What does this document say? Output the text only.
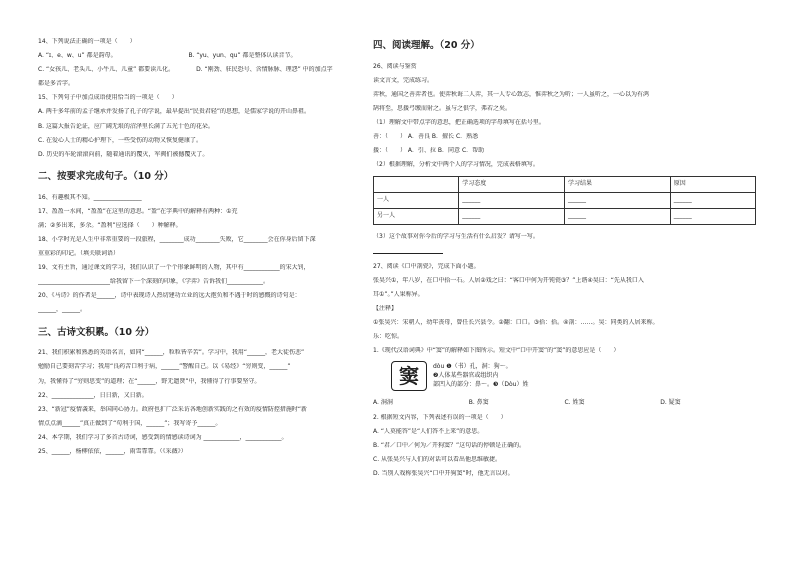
14、下列说法正确的一项是（　　）
A. “ɪ、e、w、u” 都是韵母。	B. “yu、yun、qu” 都是整体认读音节。
C. “女孩儿、老头儿、小牛儿、儿童” 都要读儿化。	D. “刚劲、驻民恐号、含情脉脉、理怨” 中的加点字
都是多音字。
15、下列句子中加点成语使用恰当的一项是（　　）
A. 两千多年前的孟子继承并发扬了孔子的学说，最早提出“民贵君轻”的思想，是儒家学说的开山鼻祖。
B. 这篇大报告论证，应广阔无垠的沼泽里长满了五光十色的花朵。
C. 在爱心人士的精心护理下，一些受伤的动物又恢复健康了。
D. 历史的车轮滚滚向前，随着通讯的覆灭，军阀们被撼覆灭了。
二、按要求完成句子。（10 分）
16、有趣极其不知。________________
17、盈盈一水间，“盈盈”在这里的意思。“盈”在字典中的解释有两种：①充
满；②多出来，多余。“盈利”应选择（　　）种解释。
18、小学时光是人生中非常重要的一段旅程，________成功________失败，它________会在你身后留下深
重重彩的印记。（填关联词语）
19、文有主旨，通过课文的学习，我们认识了一个个形象鲜明的人物，其中有____________的宋大钊，
________________________给我留下一个深刻的印象，《学弈》告诉我们____________。
20、《马诗》的作者是______，诗中表现诗人热切建功立业的远大抱负和不遇于时的感慨的诗句是：
______，______。
三、古诗文积累。（10 分）
21、我们积累和熟悉的英语名言，如同“______，粒粒皆辛苦”。学习中，我用“______，老大徒伤悲”
勉励自己要刻苦学习；我用“良药苦口利于病，______”警醒自己。以《易经》“穷则变，______”
为，我懂得了“穷则思变”的道理；在“______，野无遗贤”中，我懂得了行事要坚守。
22、______________，日日新，又日新。
23、“新冠”疫情袭来，举国同心协力。政府也扩广泛采访各地创新实践的之有效的疫情防控措施时“新
情点点滴______”真正做到了“苟利于国，______”；我写寄予______。
24、本学期，我们学习了多首古诗词，感受到的情感读诗词为 ____________，____________。
25、______，杨柳依依，______，雨雪霏霏。（《采薇》）
四、阅读理解。（20 分）
26、阅读与鉴赏
读文言文，完成练习。
弈秋，通国之善弈者也。使弈秋诲二人弈，其一人专心致志，惟弈秋之为听；一人虽听之，一心以为有鸿
鹄将至，思援弓缴而射之。虽与之俱学，弗若之矣。
（1）理解文中带点字的意思，把正确选项的字母填写在括号里。
善：（　　） A．善良 B．擅长 C．熟悉
援：（　　） A．引、拉 B．同意 C．帮助
（2）根据理解，分析文中两个人的学习情况，完成表格填写。
	学习态度	学习结果	原因
一人	______	______	______
另一人	______	______	______
（3）这个故事对你今后的学习与生活有什么启发？请写一写。
27、阅读《口中剖瓷》，完成下面小题。
张昊兴①，年八岁，在口中拾一石。人居②戏之曰：“客口中何为开钝瓷③？”上谐④昊曰：“先从我口入
耳①”。”人果称异。
【注释】
①张昊兴：宋朝人，幼年丧母，曾任长兴县令。②翻：口口。③拾：拾。④剖：……。昊：同类的人居来称。
乐：吃惊。
1.《现代汉语词典》中“窦”的解释如下图所示。短文中“口中开窦”的“窦”的意思应是（　　）
窦	dòu ❶（书）孔，洞：狗～。
❷人体某些器官或组织内
部凹入的部分：鼻～。❸（Dòu）姓
A. 洞洞	B. 鼻窦	C. 姓窦	D. 疑窦
2. 根据短文内容，下列表述有误的一项是（　　）
A. “人莫能答”是“人们答不上来”的意思。
B. “君／口中／何为／开狗窦？”这句话的停顿是正确的。
C. 从张昊兴与人们的对话可以看出他思维敏捷。
D. 当别人戏称张昊兴“口中开狗窦”时，他无言以对。
